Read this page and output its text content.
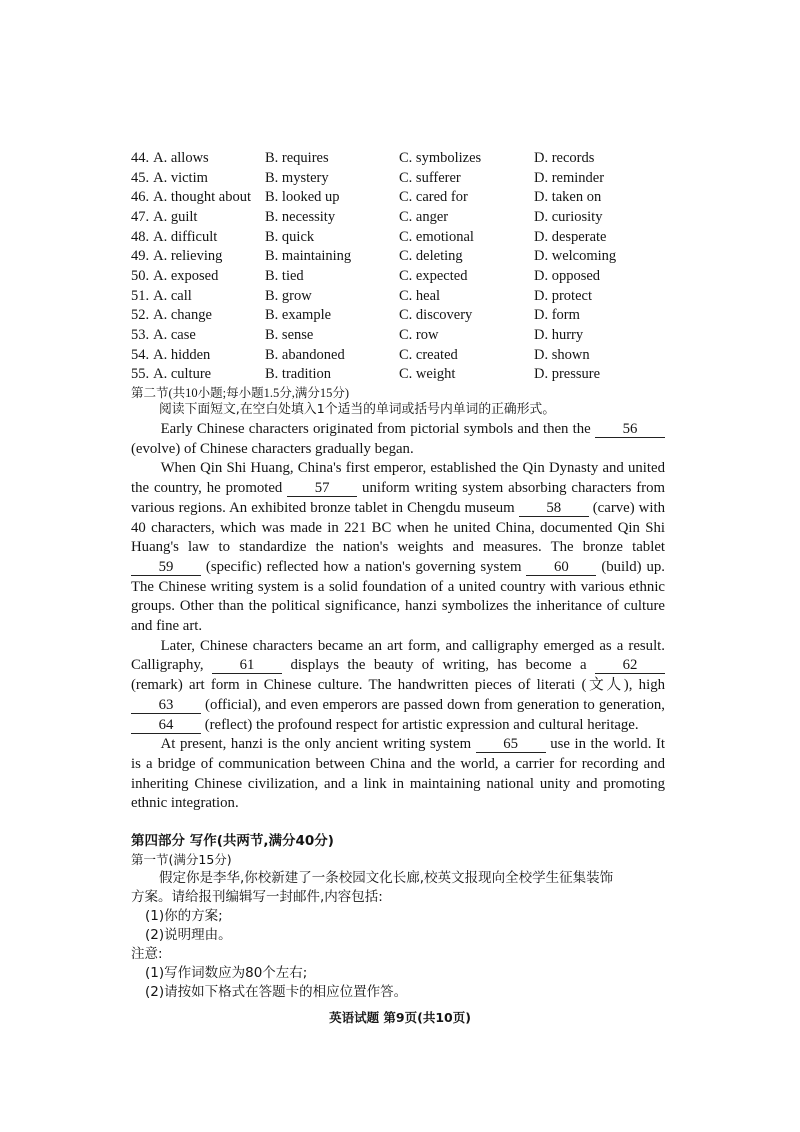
44. A. allows	B. requires	C. symbolizes	D. records
45. A. victim	B. mystery	C. sufferer	D. reminder
46. A. thought about B. looked up	C. cared for	D. taken on
47. A. guilt	B. necessity	C. anger	D. curiosity
48. A. difficult	B. quick	C. emotional	D. desperate
49. A. relieving	B. maintaining	C. deleting	D. welcoming
50. A. exposed	B. tied	C. expected	D. opposed
51. A. call	B. grow	C. heal	D. protect
52. A. change	B. example	C. discovery	D. form
53. A. case	B. sense	C. row	D. hurry
54. A. hidden	B. abandoned	C. created	D. shown
55. A. culture	B. tradition	C. weight	D. pressure
第二节(共10小题;每小题1.5分,满分15分)
阅读下面短文,在空白处填入1个适当的单词或括号内单词的正确形式。

Early Chinese characters originated from pictorial symbols and then the 56 (evolve) of Chinese characters gradually began.

When Qin Shi Huang, China's first emperor, established the Qin Dynasty and united the country, he promoted 57 uniform writing system absorbing characters from various regions. An exhibited bronze tablet in Chengdu museum 58 (carve) with 40 characters, which was made in 221 BC when he united China, documented Qin Shi Huang's law to standardize the nation's weights and measures. The bronze tablet 59 (specific) reflected how a nation's governing system 60 (build) up. The Chinese writing system is a solid foundation of a united country with various ethnic groups. Other than the political significance, hanzi symbolizes the inheritance of culture and fine art.

Later, Chinese characters became an art form, and calligraphy emerged as a result. Calligraphy, 61 displays the beauty of writing, has become a 62 (remark) art form in Chinese culture. The handwritten pieces of literati (文人), high 63 (official), and even emperors are passed down from generation to generation, 64 (reflect) the profound respect for artistic expression and cultural heritage.

At present, hanzi is the only ancient writing system 65 use in the world. It is a bridge of communication between China and the world, a carrier for recording and inheriting Chinese civilization, and a link in maintaining national unity and promoting ethnic integration.

第四部分 写作(共两节,满分40分)
第一节(满分15分)
假定你是李华,你校新建了一条校园文化长廊,校英文报现向全校学生征集装饰
方案。请给报刊编辑写一封邮件,内容包括:
(1)你的方案;
(2)说明理由。
注意:
(1)写作词数应为80个左右;
(2)请按如下格式在答题卡的相应位置作答。
英语试题 第9页(共10页)
